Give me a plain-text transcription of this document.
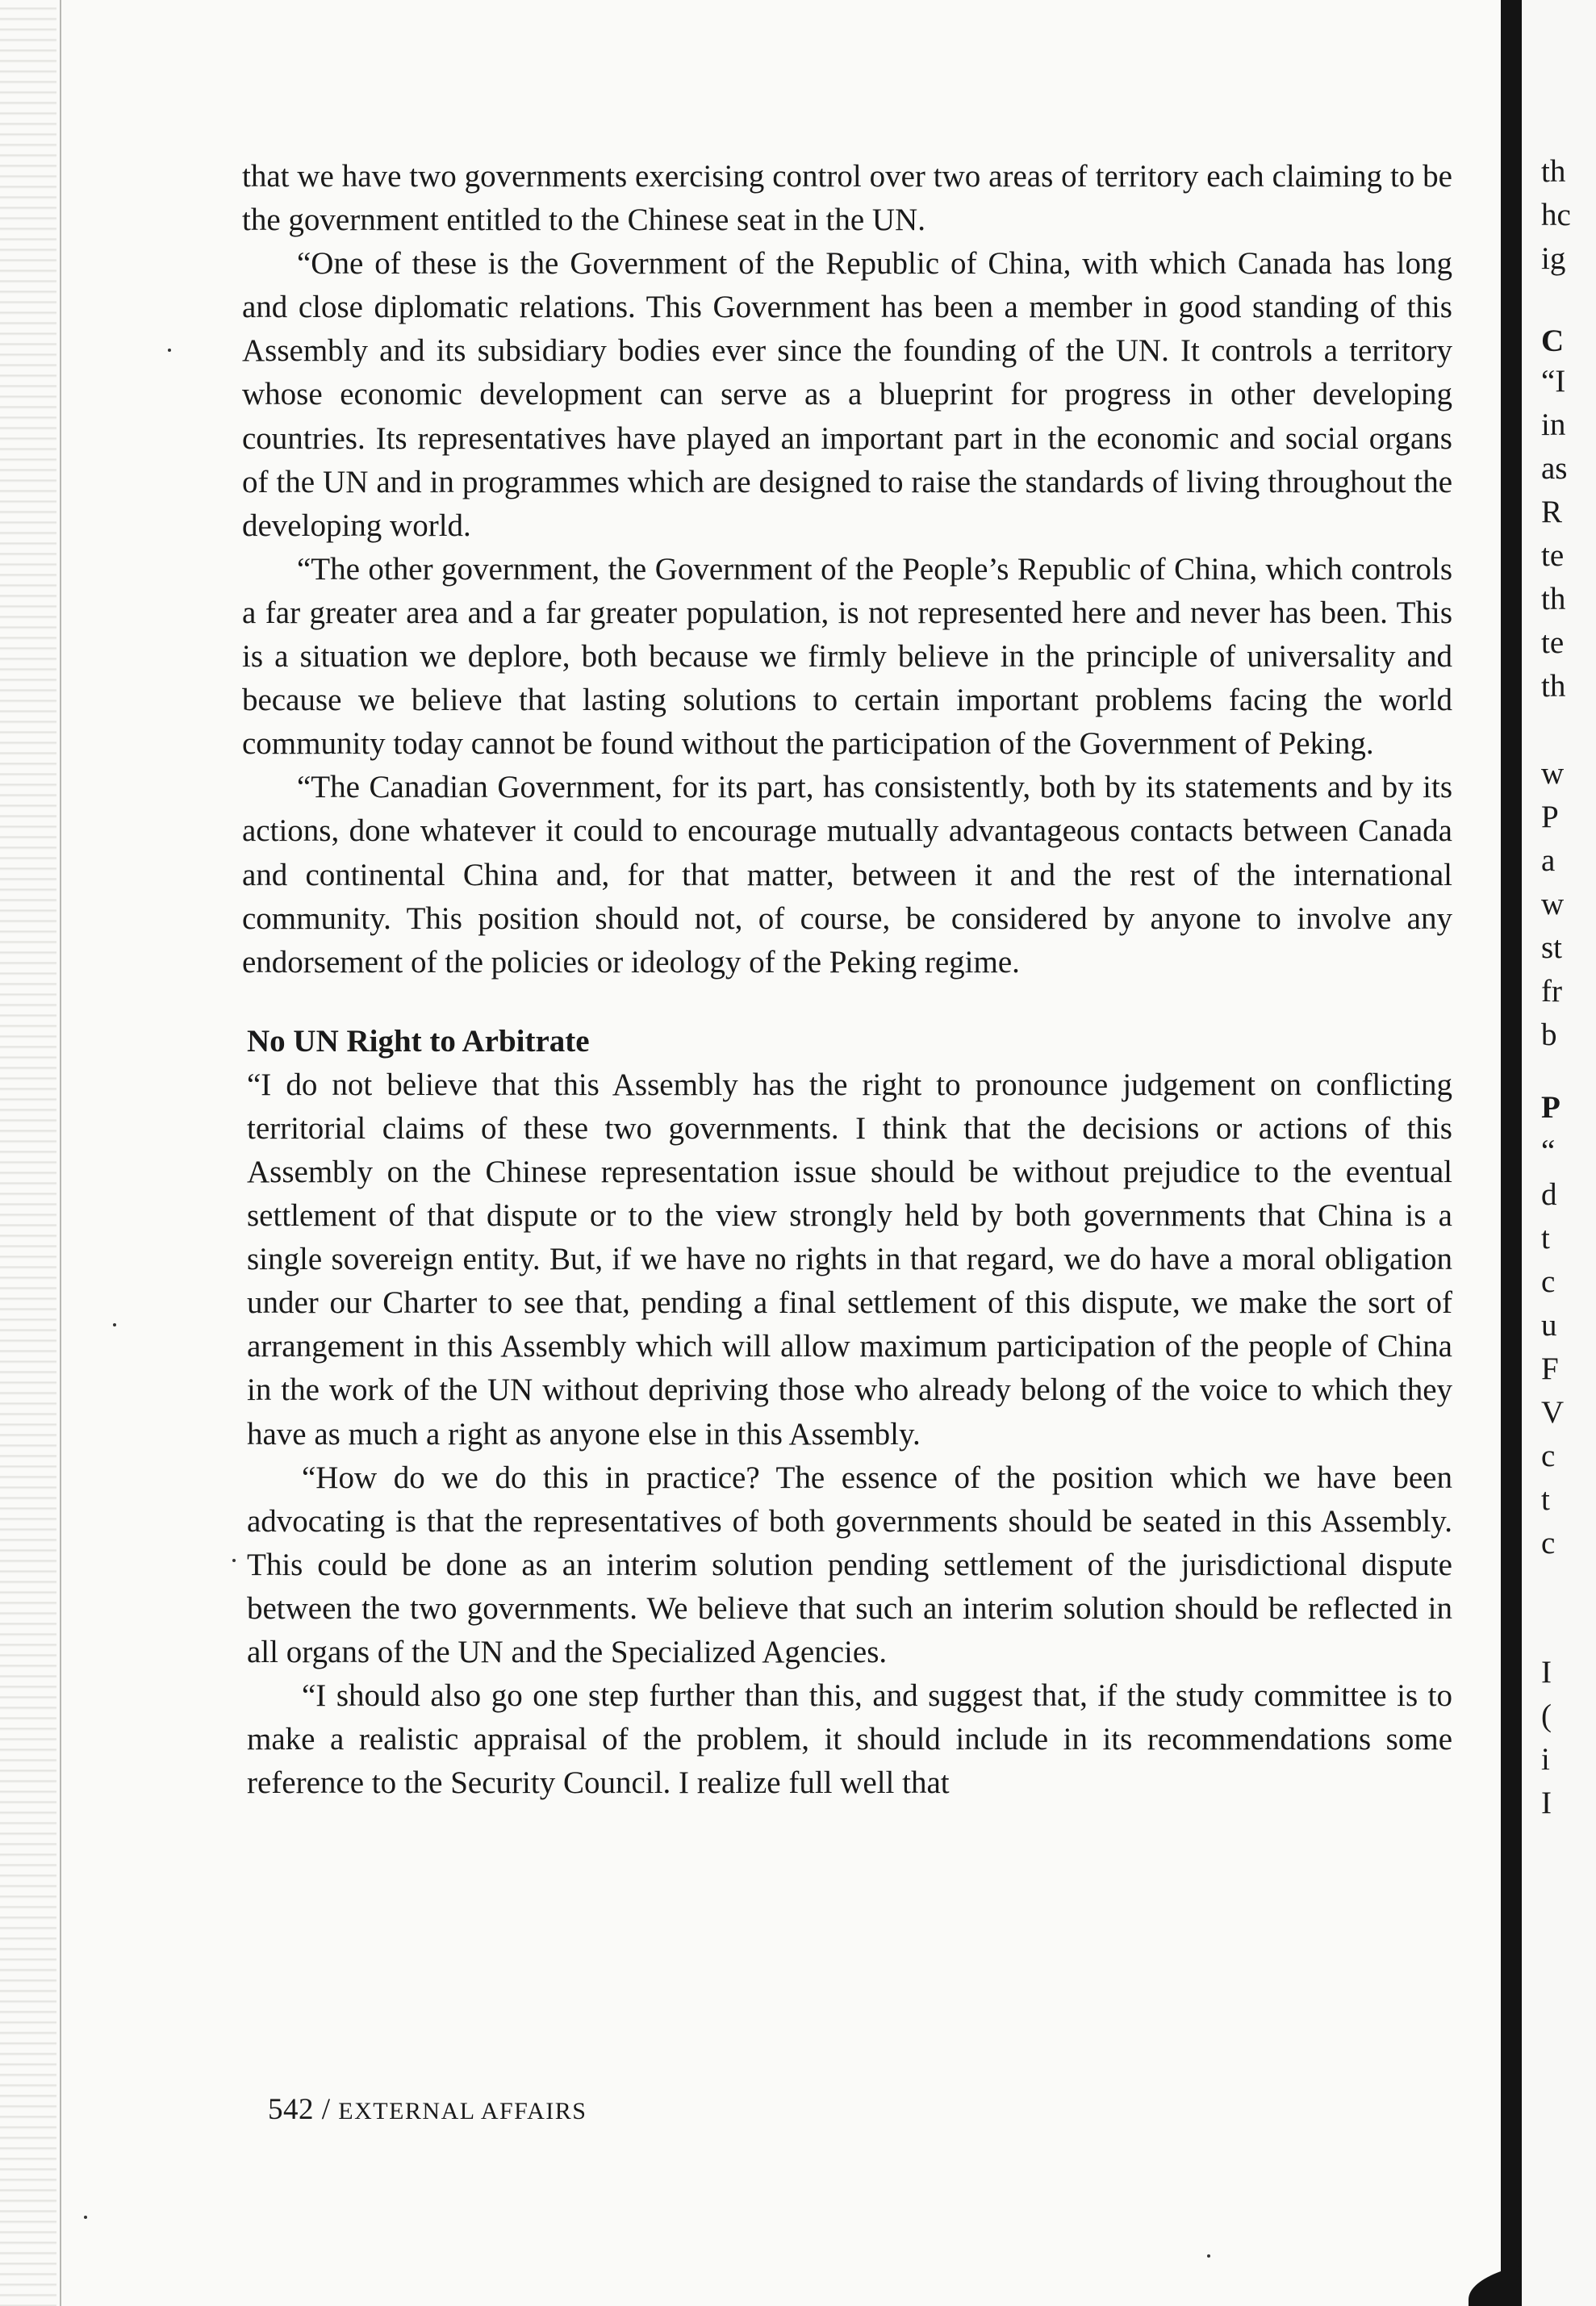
that we have two governments exercising control over two areas of territory each claiming to be the government entitled to the Chinese seat in the UN.

“One of these is the Government of the Republic of China, with which Canada has long and close diplomatic relations. This Government has been a member in good standing of this Assembly and its subsidiary bodies ever since the founding of the UN. It controls a territory whose economic development can serve as a blueprint for progress in other developing countries. Its representatives have played an important part in the economic and social organs of the UN and in programmes which are designed to raise the standards of living throughout the developing world.

“The other government, the Government of the People’s Republic of China, which controls a far greater area and a far greater population, is not represented here and never has been. This is a situation we deplore, both because we firmly believe in the principle of universality and because we believe that lasting solutions to certain important problems facing the world community today cannot be found without the participation of the Government of Peking.

“The Canadian Government, for its part, has consistently, both by its statements and by its actions, done whatever it could to encourage mutually advantageous contacts between Canada and continental China and, for that matter, between it and the rest of the international community. This position should not, of course, be considered by anyone to involve any endorsement of the policies or ideology of the Peking regime.

No UN Right to Arbitrate

“I do not believe that this Assembly has the right to pronounce judgement on conflicting territorial claims of these two governments. I think that the decisions or actions of this Assembly on the Chinese representation issue should be without prejudice to the eventual settlement of that dispute or to the view strongly held by both governments that China is a single sovereign entity. But, if we have no rights in that regard, we do have a moral obligation under our Charter to see that, pending a final settlement of this dispute, we make the sort of arrangement in this Assembly which will allow maximum participation of the people of China in the work of the UN without depriving those who already belong of the voice to which they have as much a right as anyone else in this Assembly.

“How do we do this in practice? The essence of the position which we have been advocating is that the representatives of both governments should be seated in this Assembly. This could be done as an interim solution pending settlement of the jurisdictional dispute between the two governments. We believe that such an interim solution should be reflected in all organs of the UN and the Specialized Agencies.

“I should also go one step further than this, and suggest that, if the study committee is to make a realistic appraisal of the problem, it should include in its recommendations some reference to the Security Council. I realize full well that

542 / EXTERNAL AFFAIRS
th
hc
ig
C
“I
in
as
R
te
th
te
th
w
P
a
w
st
fr
b
P
“
d
t
c
u
F
V
c
t
c
I
(
i
I
